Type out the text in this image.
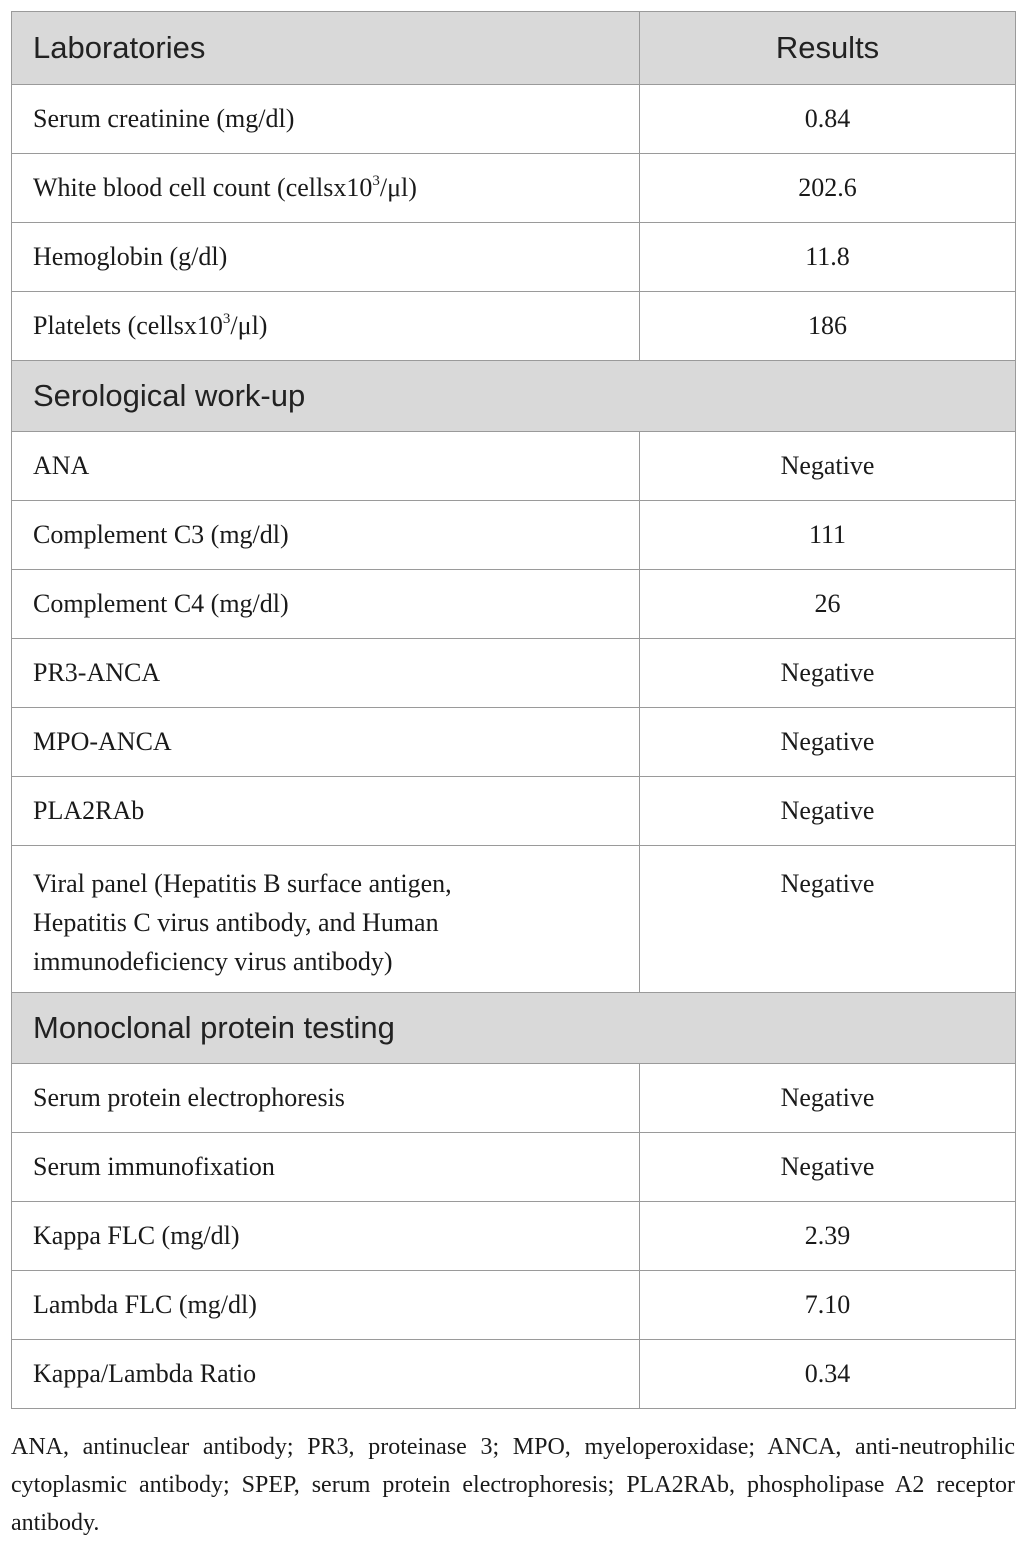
Laboratories	Results
Serum creatinine (mg/dl)	0.84
White blood cell count $(cellsx10^3/\mu l)$	202.6
Hemoglobin (g/dl)	11.8
Platelets $(cellsx10^3/\mu l)$	186
Serological work-up	
ANA	Negative
Complement C3 (mg/dl)	111
Complement C4 (mg/dl)	26
PR3-ANCA	Negative
MPO-ANCA	Negative
PLA2RAb	Negative

Viral panel (Hepatitis B surface antigen,
Hepatitis C virus antibody, and Human
immunodeficiency virus antibody)	Negative
Monoclonal protein testing	
Serum protein electrophoresis	Negative
Serum immunofixation	Negative
Kappa FLC (mg/dl)	2.39
Lambda FLC (mg/dl)	7.10
Kappa/Lambda Ratio	0.34

ANA, antinuclear antibody; PR3, proteinase 3; MPO, myeloperoxidase; ANCA, anti-neutrophilic cytoplasmic antibody; SPEP, serum protein electrophoresis; PLA2RAb, phospholipase A2 receptor antibody.
